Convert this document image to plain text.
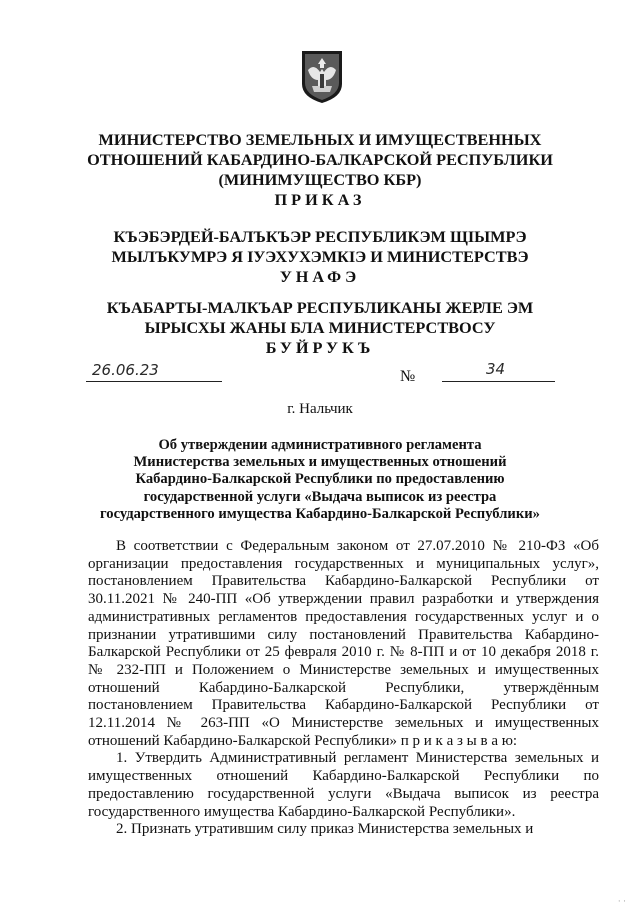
МИНИСТЕРСТВО ЗЕМЕЛЬНЫХ И ИМУЩЕСТВЕННЫХ

ОТНОШЕНИЙ КАБАРДИНО-БАЛКАРСКОЙ РЕСПУБЛИКИ

(МИНИМУЩЕСТВО КБР)

ПРИКАЗ

КЪЭБЭРДЕЙ-БАЛЪКЪЭР РЕСПУБЛИКЭМ ЩIЫМРЭ

МЫЛЪКУМРЭ Я IУЭХУХЭМКIЭ И МИНИСТЕРСТВЭ

УНАФЭ

КЪАБАРТЫ-МАЛКЪАР РЕСПУБЛИКАНЫ ЖЕРЛЕ ЭМ

ЫРЫСХЫ ЖАНЫ БЛА МИНИСТЕРСТВОСУ

БУЙРУКЪ

26.06.23	№	34
г. Нальчик
Об утверждении административного регламента
Министерства земельных и имущественных отношений
Кабардино-Балкарской Республики по предоставлению
государственной услуги «Выдача выписок из реестра
государственного имущества Кабардино-Балкарской Республики»

В соответствии с Федеральным законом от 27.07.2010 № 210-ФЗ «Об организации предоставления государственных и муниципальных услуг», постановлением Правительства Кабардино-Балкарской Республики от 30.11.2021 № 240-ПП «Об утверждении правил разработки и утверждения административных регламентов предоставления государственных услуг и о признании утратившими силу постановлений Правительства Кабардино-Балкарской Республики от 25 февраля 2010 г. № 8-ПП и от 10 декабря 2018 г. № 232-ПП и Положением о Министерстве земельных и имущественных отношений Кабардино-Балкарской Республики, утверждённым постановлением Правительства Кабардино-Балкарской Республики от 12.11.2014 № 263-ПП «О Министерстве земельных и имущественных отношений Кабардино-Балкарской Республики» п р и к а з ы в а ю:

1. Утвердить Административный регламент Министерства земельных и имущественных отношений Кабардино-Балкарской Республики по предоставлению государственной услуги «Выдача выписок из реестра государственного имущества Кабардино-Балкарской Республики».

2. Признать утратившим силу приказ Министерства земельных и

· ·
